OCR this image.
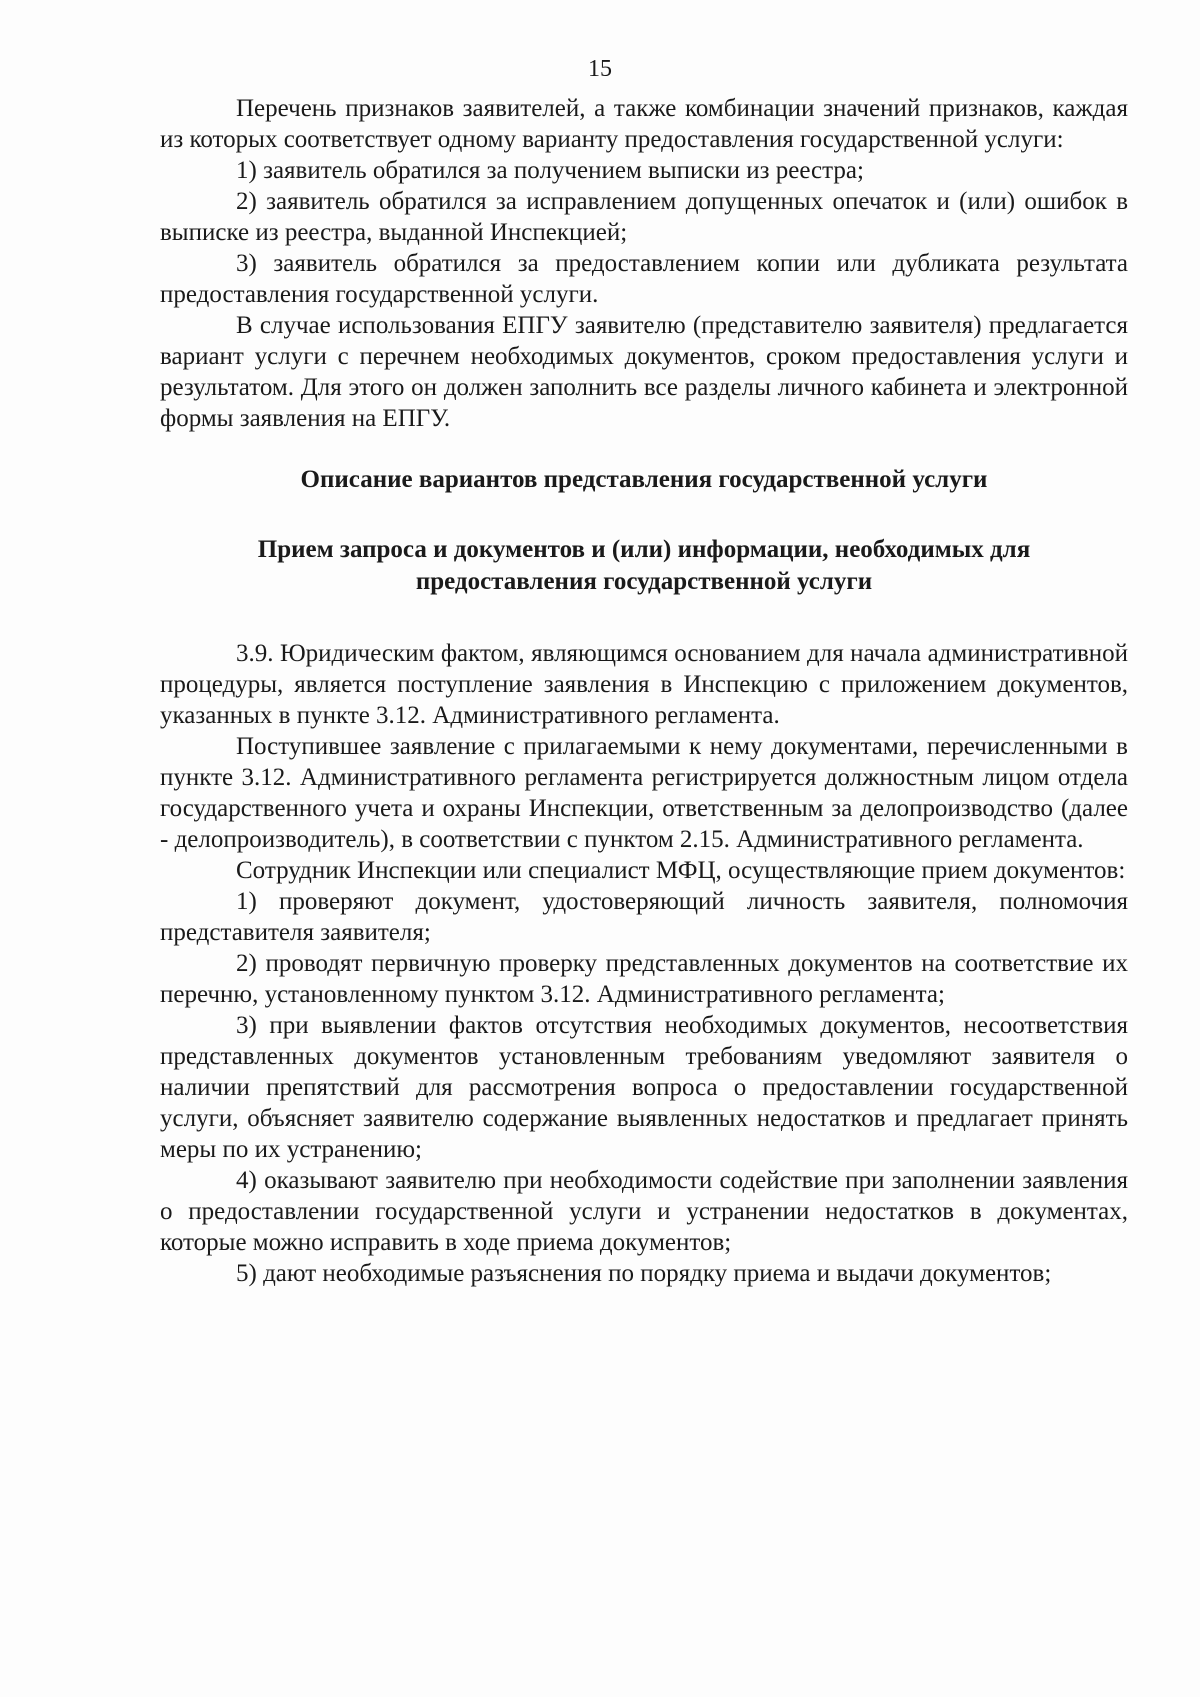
15

Перечень признаков заявителей, а также комбинации значений признаков, каждая из которых соответствует одному варианту предоставления государственной услуги:

1) заявитель обратился за получением выписки из реестра;

2) заявитель обратился за исправлением допущенных опечаток и (или) ошибок в выписке из реестра, выданной Инспекцией;

3) заявитель обратился за предоставлением копии или дубликата результата предоставления государственной услуги.

В случае использования ЕПГУ заявителю (представителю заявителя) предлагается вариант услуги с перечнем необходимых документов, сроком предоставления услуги и результатом. Для этого он должен заполнить все разделы личного кабинета и электронной формы заявления на ЕПГУ.

Описание вариантов представления государственной услуги
Прием запроса и документов и (или) информации, необходимых для предоставления государственной услуги

3.9. Юридическим фактом, являющимся основанием для начала административной процедуры, является поступление заявления в Инспекцию с приложением документов, указанных в пункте 3.12. Административного регламента.

Поступившее заявление с прилагаемыми к нему документами, перечисленными в пункте 3.12. Административного регламента регистрируется должностным лицом отдела государственного учета и охраны Инспекции, ответственным за делопроизводство (далее - делопроизводитель), в соответствии с пунктом 2.15. Административного регламента.

Сотрудник Инспекции или специалист МФЦ, осуществляющие прием документов:

1) проверяют документ, удостоверяющий личность заявителя, полномочия представителя заявителя;

2) проводят первичную проверку представленных документов на соответствие их перечню, установленному пунктом 3.12. Административного регламента;

3) при выявлении фактов отсутствия необходимых документов, несоответствия представленных документов установленным требованиям уведомляют заявителя о наличии препятствий для рассмотрения вопроса о предоставлении государственной услуги, объясняет заявителю содержание выявленных недостатков и предлагает принять меры по их устранению;

4) оказывают заявителю при необходимости содействие при заполнении заявления о предоставлении государственной услуги и устранении недостатков в документах, которые можно исправить в ходе приема документов;

5) дают необходимые разъяснения по порядку приема и выдачи документов;
